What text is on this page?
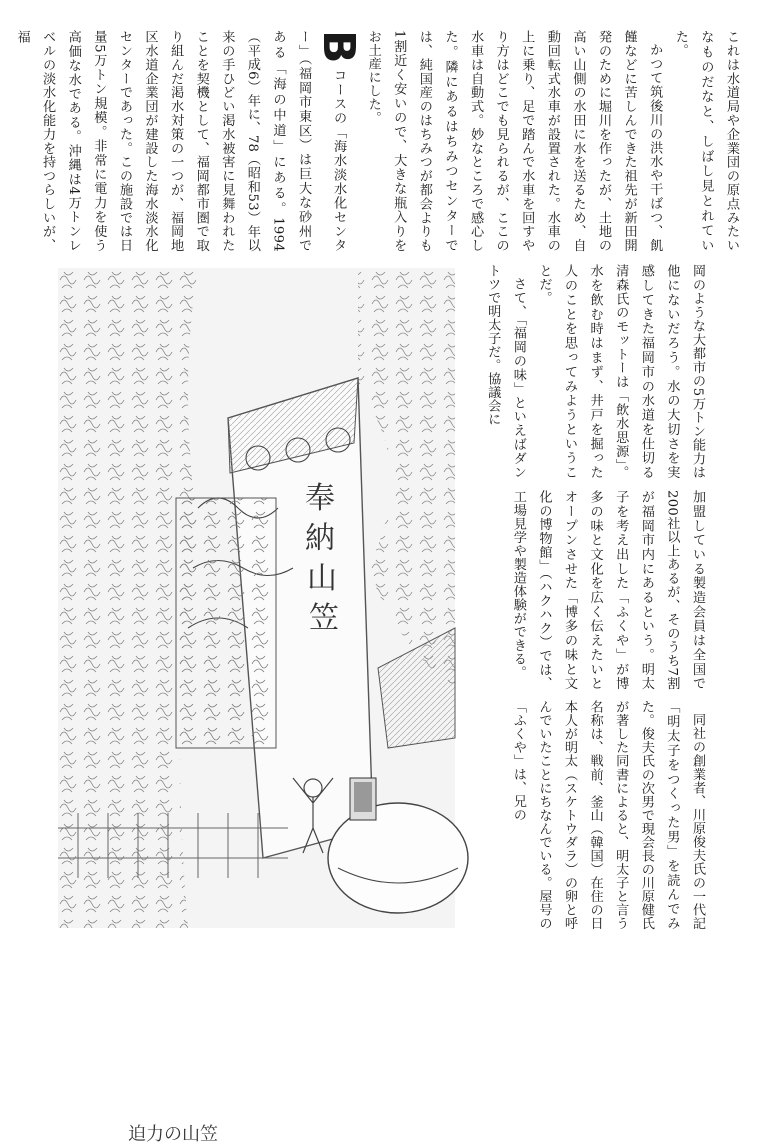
これは水道局や企業団の原点みたいなものだなと、しばし見とれていた。

かつて筑後川の洪水や干ばつ、飢饉などに苦しんできた祖先が新田開発のために堀川を作ったが、土地の高い山側の水田に水を送るため、自動回転式水車が設置された。水車の上に乗り、足で踏んで水車を回すやり方はどこでも見られるが、ここの水車は自動式。妙なところで感心した。隣にあるはちみつセンターでは、純国産のはちみつが都会よりも1割近く安いので、大きな瓶入りをお土産にした。

Bコースの「海水淡水化センター」（福岡市東区）は巨大な砂州である「海の中道」にある。1994（平成6）年に、78（昭和53）年以来の手ひどい渇水被害に見舞われたことを契機として、福岡都市圏で取り組んだ渇水対策の一つが、福岡地区水道企業団が建設した海水淡水化センターであった。この施設では日量5万トン規模。非常に電力を使う高価な水である。沖縄は4万トンレベルの淡水化能力を持つらしいが、福

岡のような大都市の5万トン能力は他にないだろう。水の大切さを実感してきた福岡市の水道を仕切る清森氏のモットーは「飲水思源」。水を飲む時はまず、井戸を掘った人のことを思ってみようということだ。

さて、「福岡の味」といえばダントツで明太子だ。協議会に

加盟している製造会員は全国で200社以上あるが、そのうち7割が福岡市内にあるという。明太子を考え出した「ふくや」が博多の味と文化を広く伝えたいとオープンさせた「博多の味と文化の博物館」（ハクハク）では、工場見学や製造体験ができる。

同社の創業者、川原俊夫氏の一代記「明太子をつくった男」を読んでみた。俊夫氏の次男で現会長の川原健氏が著した同書によると、明太子と言う名称は、戦前、釜山（韓国）在住の日本人が明太（スケトウダラ）の卵と呼んでいたことにちなんでいる。屋号の「ふくや」は、兄の

奉
納
山
笠
迫力の山笠
